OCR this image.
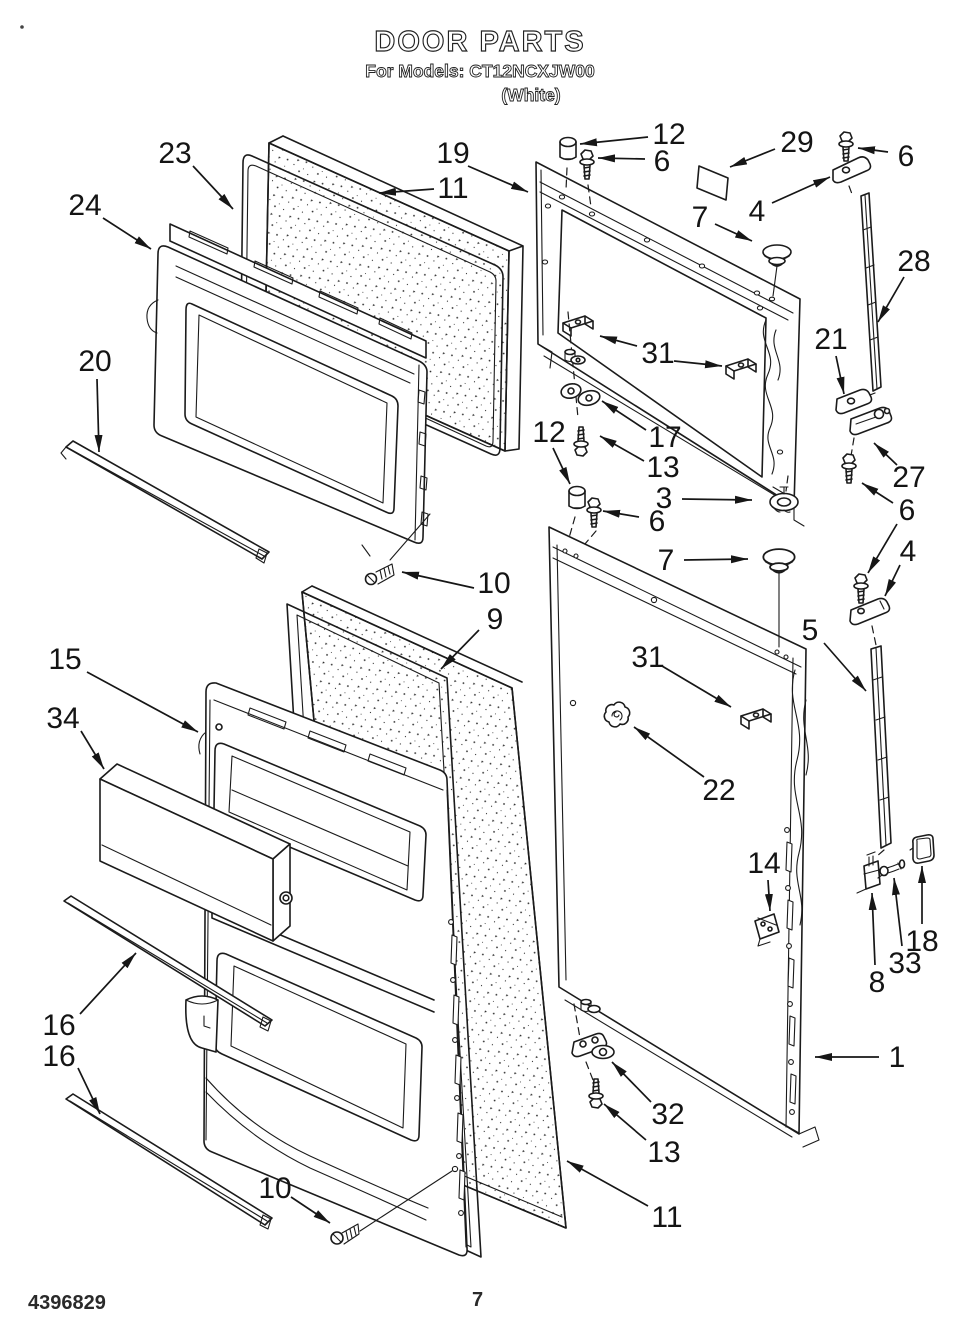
DOOR PARTS
For Models: CT12NCXJW00
(White)
23
24
19
11
12
6
29	6
7 4
28
20
21
31
17
13
12
6
3
7
27
6
4
5
10
9
15
34
31
22
14
16
16
18
33
8
1
10
32
13
11
4396829	7
